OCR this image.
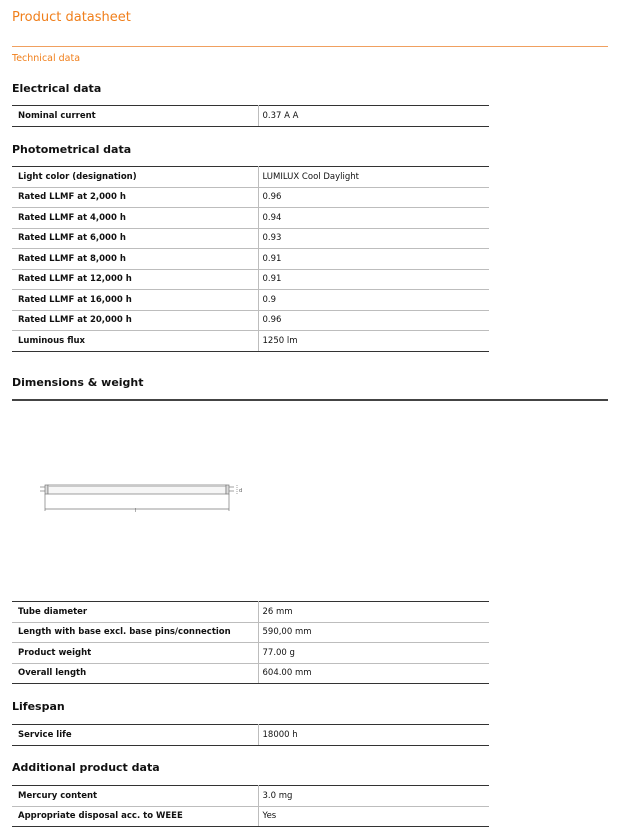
Product datasheet
Technical data
Electrical data
Nominal current	0.37 A A
Photometrical data
Light color (designation)	LUMILUX Cool Daylight
Rated LLMF at 2,000 h	0.96
Rated LLMF at 4,000 h	0.94
Rated LLMF at 6,000 h	0.93
Rated LLMF at 8,000 h	0.91
Rated LLMF at 12,000 h	0.91
Rated LLMF at 16,000 h	0.9
Rated LLMF at 20,000 h	0.96
Luminous flux	1250 lm
Dimensions & weight
d
l
Tube diameter	26 mm
Length with base excl. base pins/connection	590,00 mm
Product weight	77.00 g
Overall length	604.00 mm
Lifespan
Service life	18000 h
Additional product data
Mercury content	3.0 mg
Appropriate disposal acc. to WEEE	Yes
